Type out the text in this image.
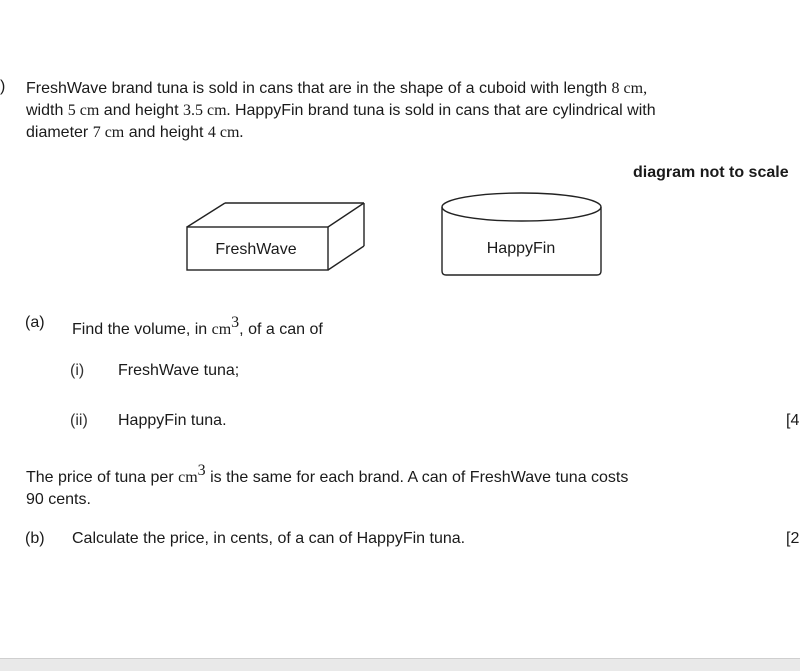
) FreshWave brand tuna is sold in cans that are in the shape of a cuboid with length 8 cm,
width 5 cm and height 3.5 cm. HappyFin brand tuna is sold in cans that are cylindrical with
diameter 7 cm and height 4 cm.
diagram not to scale
FreshWave	HappyFin
(a) Find the volume, in $cm^3$, of a can of
(i) FreshWave tuna;
(ii) HappyFin tuna.	[4
The price of tuna per $cm^3$ is the same for each brand. A can of FreshWave tuna costs
90 cents.
(b) Calculate the price, in cents, of a can of HappyFin tuna.	[2
